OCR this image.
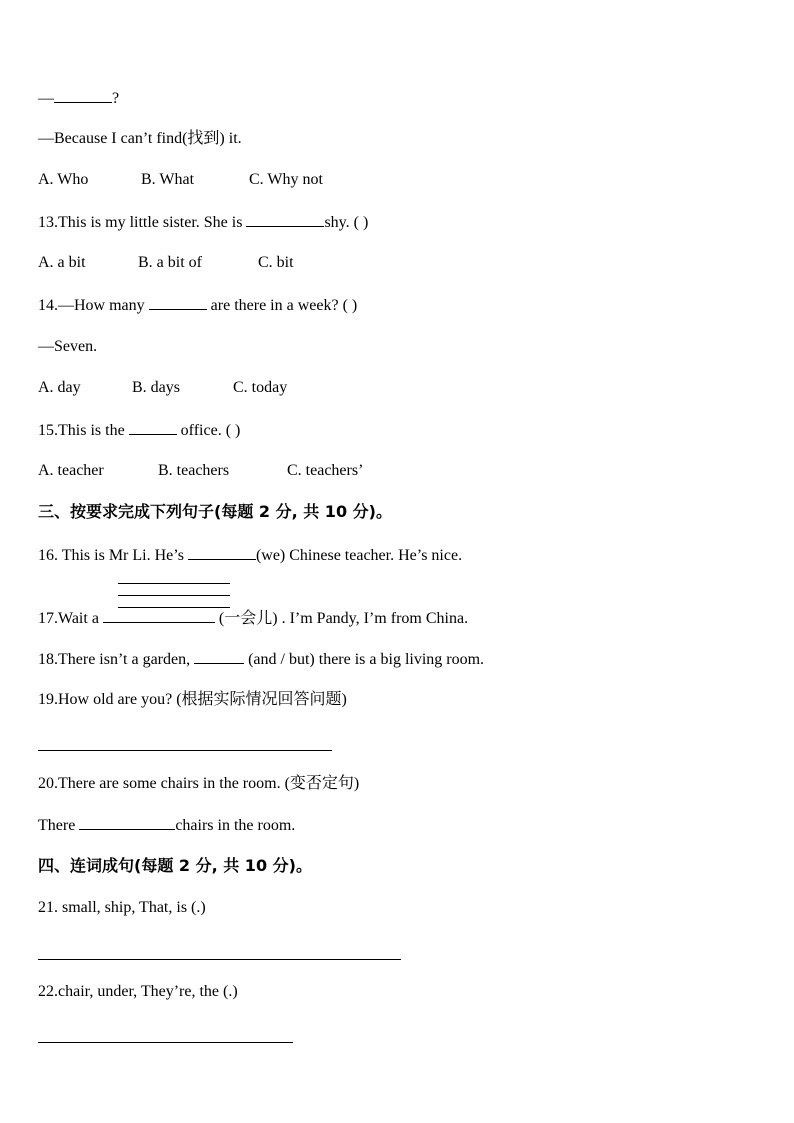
—	?
—Because I can’t find(找到) it.
A. Who	B. What	C. Why not
13.This is my little sister. She is	shy. ( )
A. a bit	B. a bit of	C. bit
14.—How many	are there in a week? ( )
—Seven.
A. day	B. days	C. today
15.This is the	office. ( )
A. teacher	B. teachers	C. teachers’
三、按要求完成下列句子(每题 2 分, 共 10 分)。
16. This is Mr Li. He’s	(we) Chinese teacher. He’s nice.
17.Wait a	(一会儿) . I’m Pandy, I’m from China.
18.There isn’t a garden,	(and / but) there is a big living room.
19.How old are you? (根据实际情况回答问题)
20.There are some chairs in the room. (变否定句)
There	chairs in the room.
四、连词成句(每题 2 分, 共 10 分)。
21. small, ship, That, is (.)
22.chair, under, They’re, the (.)
